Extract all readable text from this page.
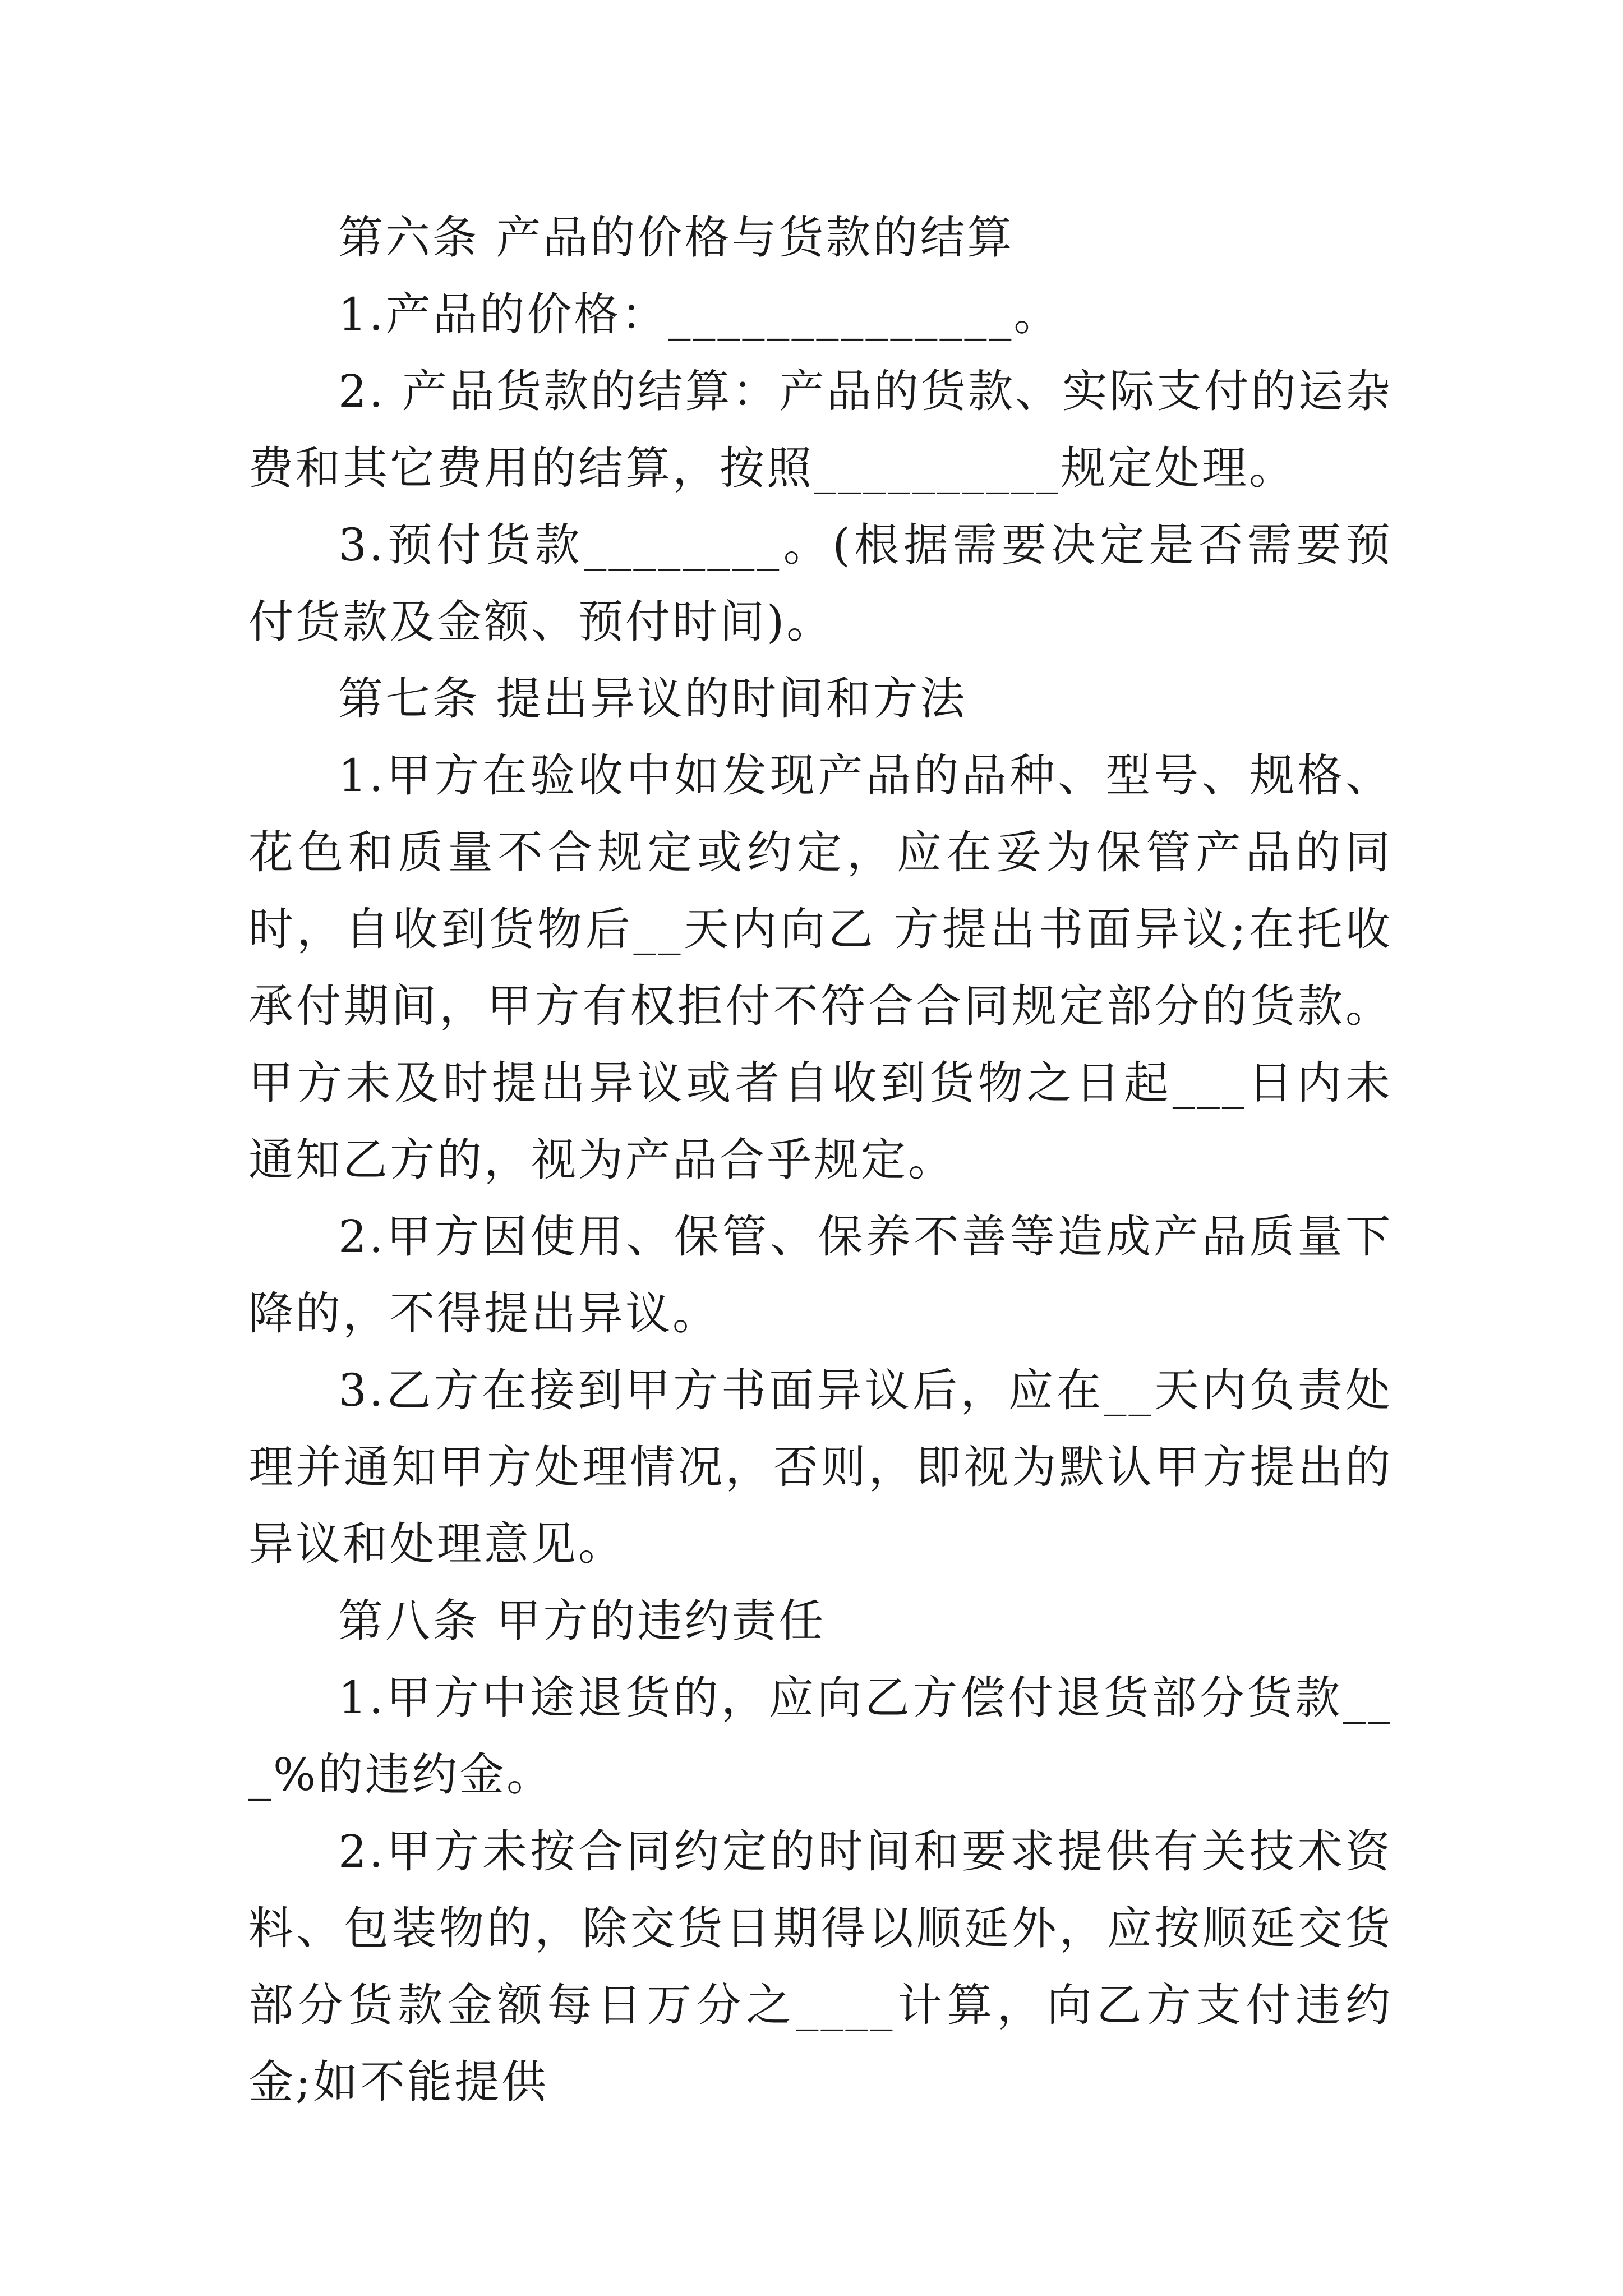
第六条 产品的价格与货款的结算

1.产品的价格：______________。

2. 产品货款的结算：产品的货款、实际支付的运杂费和其它费用的结算，按照__________规定处理。

3.预付货款________。(根据需要决定是否需要预付货款及金额、预付时间)。

第七条 提出异议的时间和方法

1.甲方在验收中如发现产品的品种、型号、规格、花色和质量不合规定或约定，应在妥为保管产品的同时，自收到货物后__天内向乙 方提出书面异议;在托收承付期间，甲方有权拒付不符合合同规定部分的货款。甲方未及时提出异议或者自收到货物之日起___日内未通知乙方的，视为产品合乎规定。

2.甲方因使用、保管、保养不善等造成产品质量下降的，不得提出异议。

3.乙方在接到甲方书面异议后，应在__天内负责处理并通知甲方处理情况，否则，即视为默认甲方提出的异议和处理意见。

第八条 甲方的违约责任

1.甲方中途退货的，应向乙方偿付退货部分货款___%的违约金。

2.甲方未按合同约定的时间和要求提供有关技术资料、包装物的，除交货日期得以顺延外，应按顺延交货部分货款金额每日万分之____计算，向乙方支付违约金;如不能提供
